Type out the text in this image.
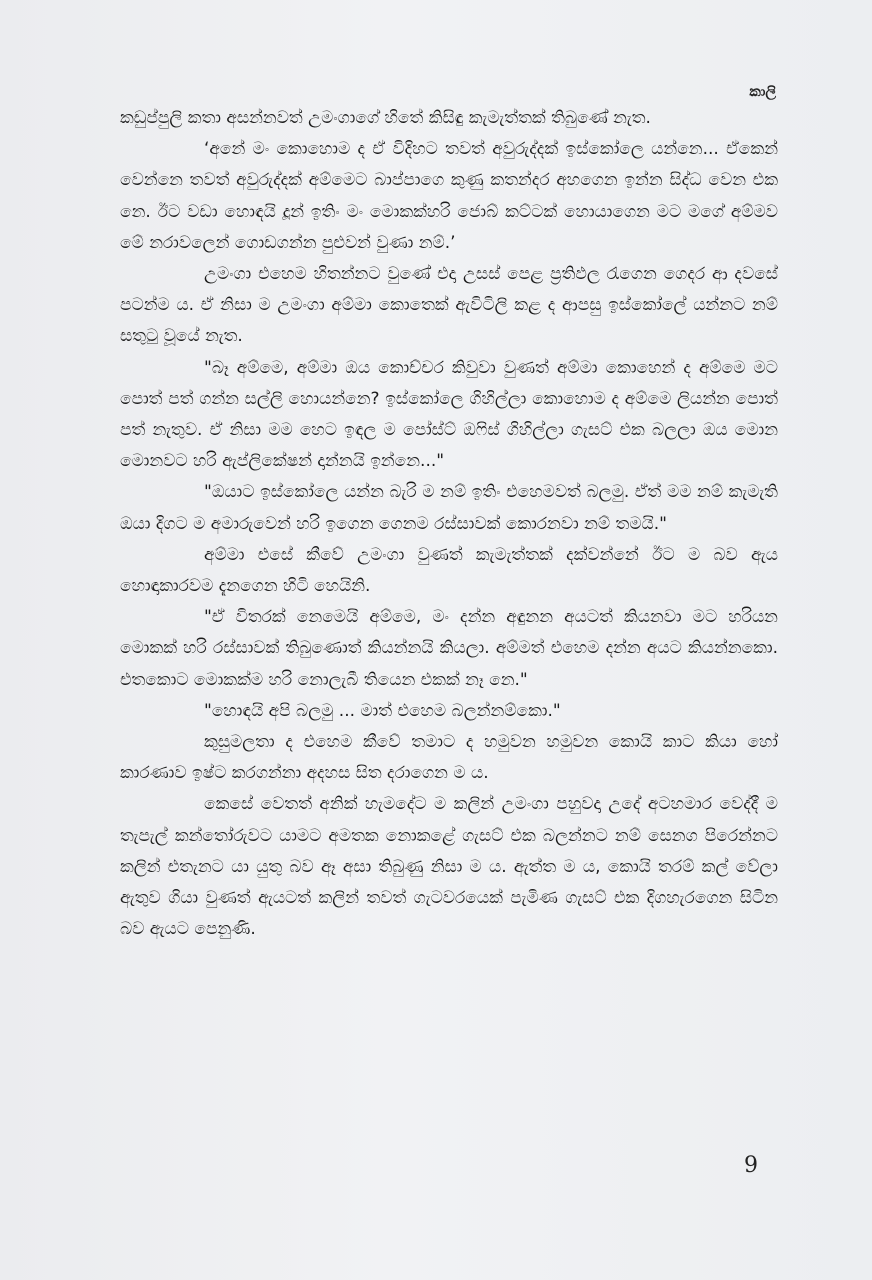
කාලි

කඩුප්පුලි කතා අසන්නවත් උමංගාගේ හිතේ කිසිඳු කැමැත්තක් තිබුණේ නැත.

‘අනේ මං කොහොම ද ඒ විදිහට තවත් අවුරුද්දක් ඉස්කෝලෙ යන්නෙ... ඒකෙන් වෙන්නෙ තවත් අවුරුද්දක් අම්මෙට බාප්පාගෙ කුණු කතන්දර අහගෙන ඉන්න සිද්ධ වෙන එක නෙ. ඊට වඩා හොඳයි දූන් ඉතිං මං මොකක්හරි ජොබ් කට්ටක් හොයාගෙන මට මගේ අම්මව මේ නරාවලෙන් ගොඩගන්න පුළුවන් වුණා නම්.’

උමංගා එහෙම හිතන්නට වුණේ එදා උසස් පෙළ ප්‍රතිඵල රැගෙන ගෙදර ආ දවසේ පටන්ම ය. ඒ නිසා ම උමංගා අම්මා කොතෙක් ඇවිටිලි කළ ද ආපසු ඉස්කෝලේ යන්නට නම් සතුටු වූයේ නැත.

"බෑ අම්මෙ, අම්මා ඔය කොච්චර කිවුවා වුණත් අම්මා කොහෙන් ද අම්මෙ මට පොත් පත් ගන්න සල්ලි හොයන්නෙ? ඉස්කෝලෙ ගිහිල්ලා කොහොම ද අම්මෙ ලියන්න පොත් පත් නැතුව. ඒ නිසා මම හෙට ඉඳල ම පෝස්ට් ඔෆිස් ගිහිල්ලා ගැසට් එක බලලා ඔය මොන මොනවට හරි ඇප්ලිකේෂන් දාන්නයි ඉන්නෙ..."

"ඔයාට ඉස්කෝලෙ යන්න බැරි ම නම් ඉතිං එහෙමවත් බලමු. ඒත් මම නම් කැමැති ඔයා දිගට ම අමාරුවෙන් හරි ඉගෙන ගෙනම රස්සාවක් කොරනවා නම් තමයි."

අම්මා එසේ කීවේ උමංගා වුණත් කැමැත්තක් දක්වන්නේ ඊට ම බව ඇය හොඳාකාරවම දැනගෙන හිටි හෙයිනි.

"ඒ විතරක් නෙමෙයි අම්මෙ, මං දන්න අඳුනන අයටත් කියනවා මට හරියන මොකක් හරි රස්සාවක් තිබුණොත් කියන්නයි කියලා. අම්මත් එහෙම දන්න අයට කියන්නකො. එතකොට මොකක්ම හරි නොලැබී තියෙන එකක් නෑ නෙ."

"හොඳයි අපි බලමු ... මාත් එහෙම බලන්නම්කො."

කුසුමලතා ද එහෙම කීවේ තමාට ද හමුවන හමුවන කොයි කාට කියා හෝ කාරණාව ඉෂ්ට කරගන්නා අදහස සිත දරාගෙන ම ය.

කෙසේ වෙතත් අනික් හැමදේට ම කලින් උමංගා පහුවදා උදේ අටහමාර වෙද්දී ම තැපැල් කන්තෝරුවට යාමට අමතක නොකළේ ගැසට් එක බලන්නට නම් සෙනග පිරෙන්නට කලින් එතැනට යා යුතු බව ඈ අසා තිබුණු නිසා ම ය. ඇත්ත ම ය, කොයි තරම් කල් වේලා ඇතුව ගියා වුණත් ඇයටත් කලින් තවත් ගැටවරයෙක් පැමිණ ගැසට් එක දිගහැරගෙන සිටින බව ඇයට පෙනුණි.

9
